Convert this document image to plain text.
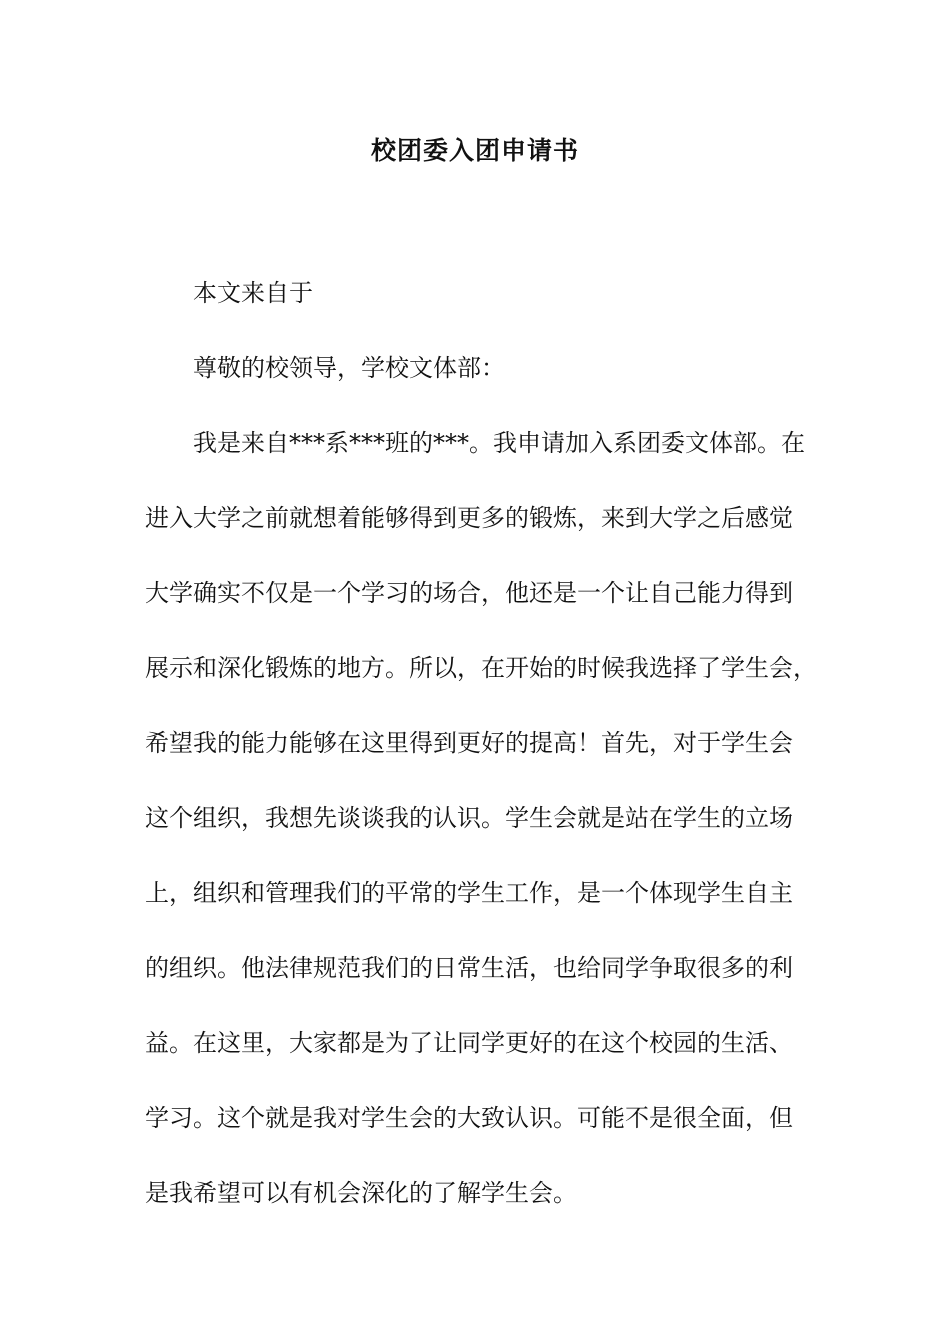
校团委入团申请书
本文来自于
尊敬的校领导，学校文体部：
我是来自***系***班的***。我申请加入系团委文体部。在
进入大学之前就想着能够得到更多的锻炼，来到大学之后感觉
大学确实不仅是一个学习的场合，他还是一个让自己能力得到
展示和深化锻炼的地方。所以，在开始的时候我选择了学生会，
希望我的能力能够在这里得到更好的提高！首先，对于学生会
这个组织，我想先谈谈我的认识。学生会就是站在学生的立场
上，组织和管理我们的平常的学生工作，是一个体现学生自主
的组织。他法律规范我们的日常生活，也给同学争取很多的利
益。在这里，大家都是为了让同学更好的在这个校园的生活、
学习。这个就是我对学生会的大致认识。可能不是很全面，但
是我希望可以有机会深化的了解学生会。
